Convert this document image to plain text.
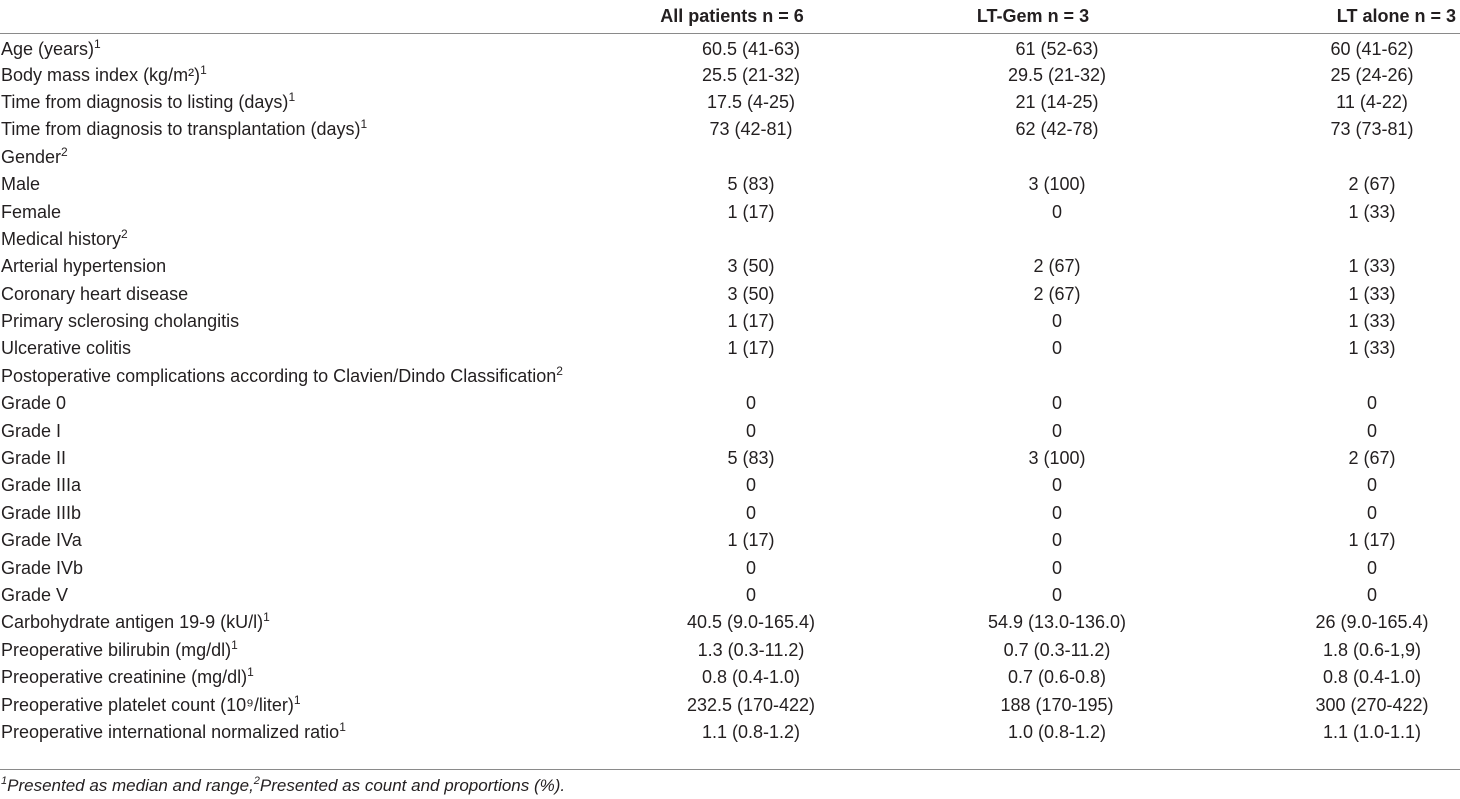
	All patients n = 6	LT-Gem n = 3	LT alone n = 3
Age (years)$^1$	60.5 (41-63)	61 (52-63)	60 (41-62)
Body mass index $(kg/m^2)^1$	25.5 (21-32)	29.5 (21-32)	25 (24-26)
Time from diagnosis to listing (days)$^1$	17.5 (4-25)	21 (14-25)	11 (4-22)
Time from diagnosis to transplantation (days)$^1$	73 (42-81)	62 (42-78)	73 (73-81)
Gender$^2$			
Male	5 (83)	3 (100)	2 (67)
Female	1 (17)	0	1 (33)
Medical history$^2$			
Arterial hypertension	3 (50)	2 (67)	1 (33)
Coronary heart disease	3 (50)	2 (67)	1 (33)
Primary sclerosing cholangitis	1 (17)	0	1 (33)
Ulcerative colitis	1 (17)	0	1 (33)
Postoperative complications according to Clavien/Dindo Classification$^2$			
Grade 0	0	0	0
Grade I	0	0	0
Grade II	5 (83)	3 (100)	2 (67)
Grade IIIa	0	0	0
Grade IIIb	0	0	0
Grade IVa	1 (17)	0	1 (17)
Grade IVb	0	0	0
Grade V	0	0	0
Carbohydrate antigen 19-9 $(kU/l)^1$	40.5 (9.0-165.4)	54.9 (13.0-136.0)	26 (9.0-165.4)
Preoperative bilirubin $(mg/dl)^1$	1.3 (0.3-11.2)	0.7 (0.3-11.2)	1.8 (0.6-1,9)
Preoperative creatinine $(mg/dl)^1$	0.8 (0.4-1.0)	0.7 (0.6-0.8)	0.8 (0.4-1.0)
Preoperative platelet count (10⁹/liter)$^1$	232.5 (170-422)	188 (170-195)	300 (270-422)
Preoperative international normalized ratio$^1$	1.1 (0.8-1.2)	1.0 (0.8-1.2)	1.1 (1.0-1.1)
$^1$Presented as median and range,$^2$Presented as count and proportions (%).
